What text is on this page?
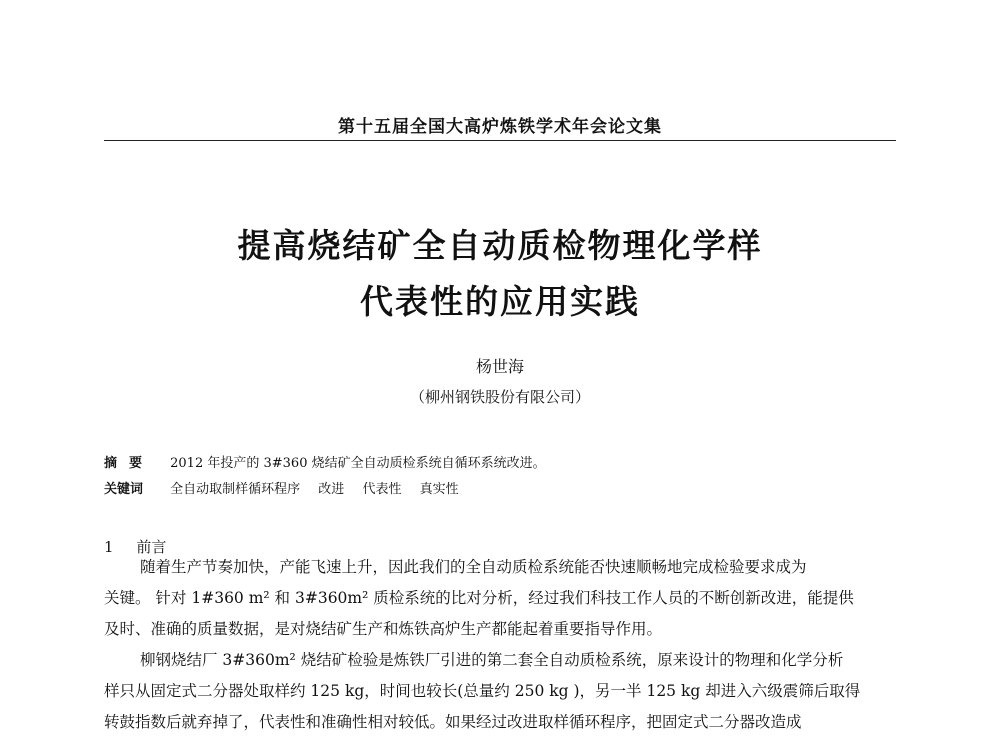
第十五届全国大高炉炼铁学术年会论文集
提高烧结矿全自动质检物理化学样
代表性的应用实践
杨世海
（柳州钢铁股份有限公司）
摘要 2012 年投产的 3#360 烧结矿全自动质检系统自循环系统改进。
关键词 全自动取制样循环程序 改进 代表性 真实性
1 前言
随着生产节奏加快，产能飞速上升，因此我们的全自动质检系统能否快速顺畅地完成检验要求成为
关键。 针对 1#360 m² 和 3#360m² 质检系统的比对分析，经过我们科技工作人员的不断创新改进，能提供
及时、准确的质量数据，是对烧结矿生产和炼铁高炉生产都能起着重要指导作用。
柳钢烧结厂 3#360m² 烧结矿检验是炼铁厂引进的第二套全自动质检系统，原来设计的物理和化学分析
样只从固定式二分器处取样约 125 kg，时间也较长(总量约 250 kg )，另一半 125 kg 却进入六级震筛后取得
转鼓指数后就弃掉了，代表性和准确性相对较低。如果经过改进取样循环程序，把固定式二分器改造成
